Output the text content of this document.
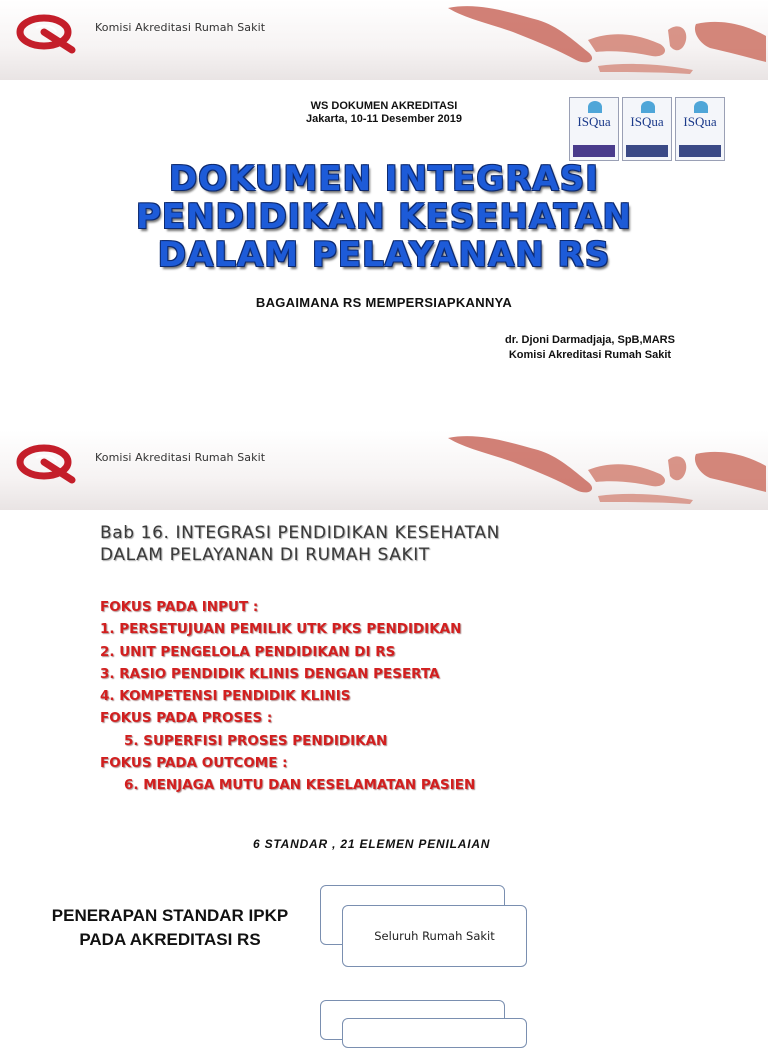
Komisi Akreditasi Rumah Sakit
WS DOKUMEN AKREDITASI
Jakarta, 10-11 Desember 2019	ISQua	ISQua	ISQua
DOKUMEN INTEGRASI
PENDIDIKAN KESEHATAN
DALAM PELAYANAN RS
BAGAIMANA RS MEMPERSIAPKANNYA
dr. Djoni Darmadjaja, SpB,MARS
Komisi Akreditasi Rumah Sakit
Komisi Akreditasi Rumah Sakit
Bab 16. INTEGRASI PENDIDIKAN KESEHATAN
DALAM PELAYANAN DI RUMAH SAKIT
FOKUS PADA INPUT :
1. PERSETUJUAN PEMILIK UTK PKS PENDIDIKAN
2. UNIT PENGELOLA PENDIDIKAN DI RS
3. RASIO PENDIDIK KLINIS DENGAN PESERTA
4. KOMPETENSI PENDIDIK KLINIS
FOKUS PADA PROSES :
5. SUPERFISI PROSES PENDIDIKAN
FOKUS PADA OUTCOME :
6. MENJAGA MUTU DAN KESELAMATAN PASIEN
6 STANDAR , 21 ELEMEN PENILAIAN
PENERAPAN STANDAR IPKP
PADA AKREDITASI RS	Seluruh Rumah Sakit
